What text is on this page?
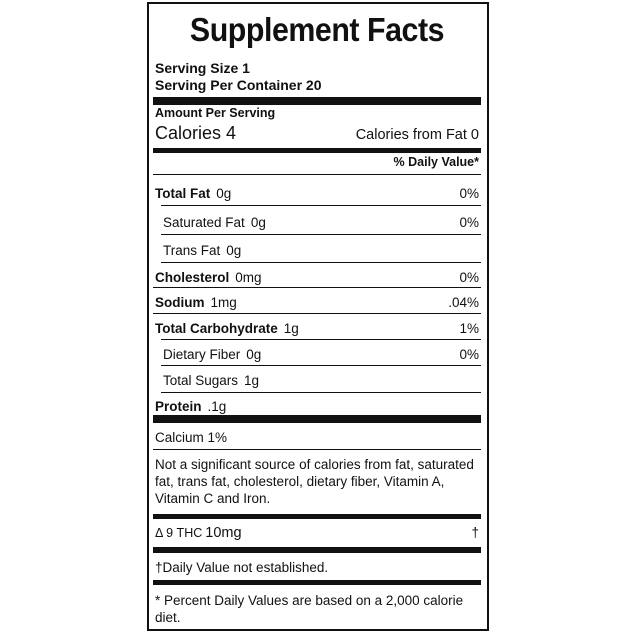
Supplement Facts
Serving Size 1
Serving Per Container 20
Amount Per Serving
Calories 4	Calories from Fat 0
% Daily Value*
Total Fat 0g	0%
Saturated Fat 0g	0%
Trans Fat 0g
Cholesterol 0mg	0%
Sodium 1mg	.04%
Total Carbohydrate 1g	1%
Dietary Fiber 0g	0%
Total Sugars 1g
Protein .1g
Calcium 1%
Not a significant source of calories from fat, saturated fat, trans fat, cholesterol, dietary fiber, Vitamin A, Vitamin C and Iron.
Δ 9 THC 10mg	†
†Daily Value not established.
* Percent Daily Values are based on a 2,000 calorie diet.
